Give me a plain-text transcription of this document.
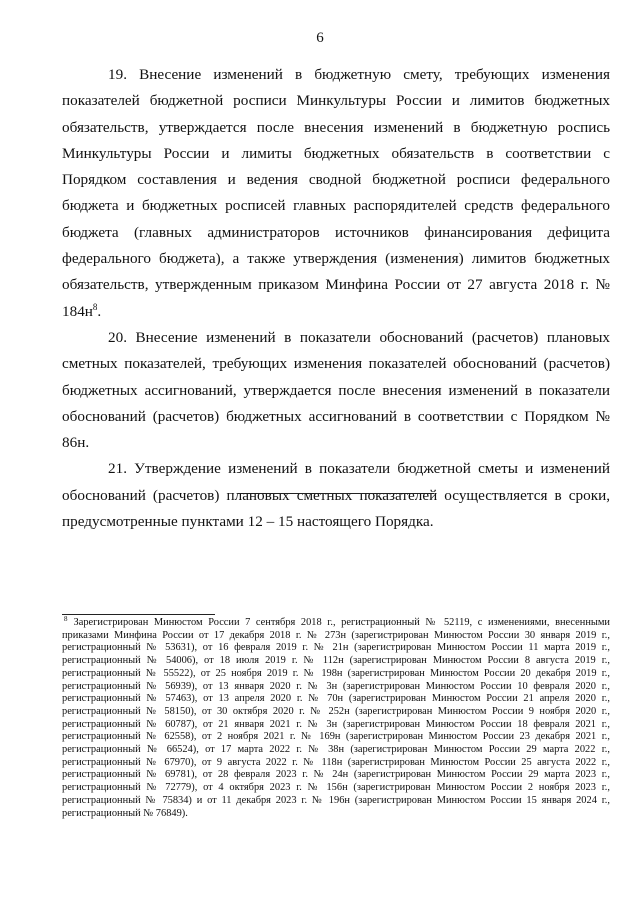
6

19. Внесение изменений в бюджетную смету, требующих изменения показателей бюджетной росписи Минкультуры России и лимитов бюджетных обязательств, утверждается после внесения изменений в бюджетную роспись Минкультуры России и лимиты бюджетных обязательств в соответствии с Порядком составления и ведения сводной бюджетной росписи федерального бюджета и бюджетных росписей главных распорядителей средств федерального бюджета (главных администраторов источников финансирования дефицита федерального бюджета), а также утверждения (изменения) лимитов бюджетных обязательств, утвержденным приказом Минфина России от 27 августа 2018 г. № $184н^8$.

20. Внесение изменений в показатели обоснований (расчетов) плановых сметных показателей, требующих изменения показателей обоснований (расчетов) бюджетных ассигнований, утверждается после внесения изменений в показатели обоснований (расчетов) бюджетных ассигнований в соответствии с Порядком № 86н.

21. Утверждение изменений в показатели бюджетной сметы и изменений обоснований (расчетов) плановых сметных показателей осуществляется в сроки, предусмотренные пунктами 12 – 15 настоящего Порядка.

$^8$ Зарегистрирован Минюстом России 7 сентября 2018 г., регистрационный № 52119, с изменениями, внесенными приказами Минфина России от 17 декабря 2018 г. № 273н (зарегистрирован Минюстом России 30 января 2019 г., регистрационный № 53631), от 16 февраля 2019 г. № 21н (зарегистрирован Минюстом России 11 марта 2019 г., регистрационный № 54006), от 18 июля 2019 г. № 112н (зарегистрирован Минюстом России 8 августа 2019 г., регистрационный № 55522), от 25 ноября 2019 г. № 198н (зарегистрирован Минюстом России 20 декабря 2019 г., регистрационный № 56939), от 13 января 2020 г. № 3н (зарегистрирован Минюстом России 10 февраля 2020 г., регистрационный № 57463), от 13 апреля 2020 г. № 70н (зарегистрирован Минюстом России 21 апреля 2020 г., регистрационный № 58150), от 30 октября 2020 г. № 252н (зарегистрирован Минюстом России 9 ноября 2020 г., регистрационный № 60787), от 21 января 2021 г. № 3н (зарегистрирован Минюстом России 18 февраля 2021 г., регистрационный № 62558), от 2 ноября 2021 г. № 169н (зарегистрирован Минюстом России 23 декабря 2021 г., регистрационный № 66524), от 17 марта 2022 г. № 38н (зарегистрирован Минюстом России 29 марта 2022 г., регистрационный № 67970), от 9 августа 2022 г. № 118н (зарегистрирован Минюстом России 25 августа 2022 г., регистрационный № 69781), от 28 февраля 2023 г. № 24н (зарегистрирован Минюстом России 29 марта 2023 г., регистрационный № 72779), от 4 октября 2023 г. № 156н (зарегистрирован Минюстом России 2 ноября 2023 г., регистрационный № 75834) и от 11 декабря 2023 г. № 196н (зарегистрирован Минюстом России 15 января 2024 г., регистрационный № 76849).
